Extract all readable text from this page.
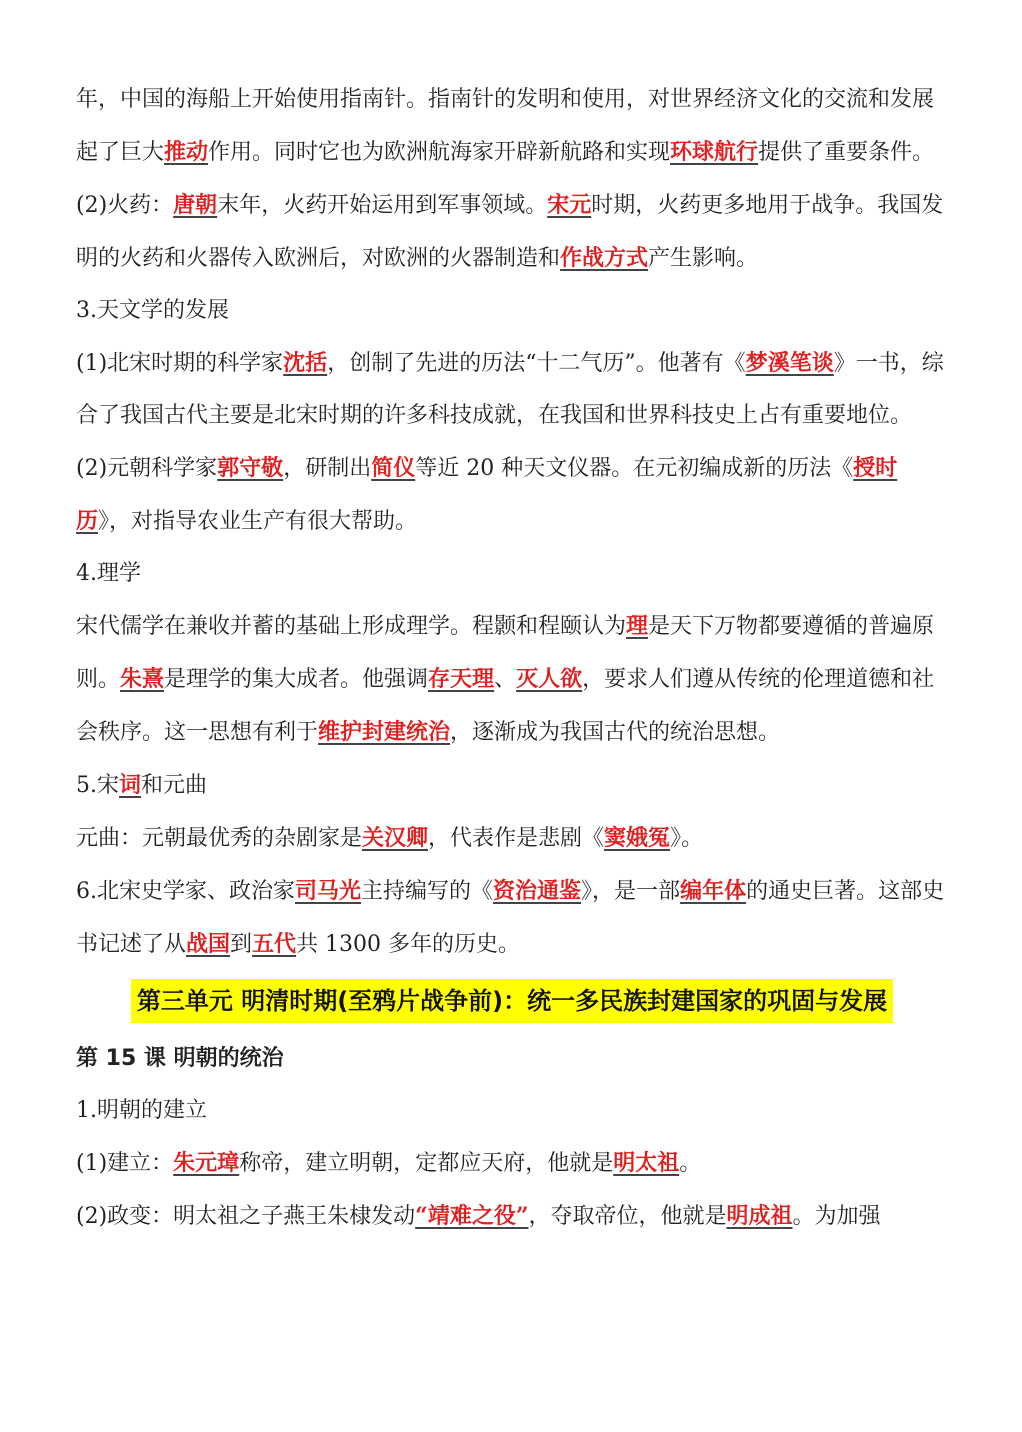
年，中国的海船上开始使用指南针。指南针的发明和使用，对世界经济文化的交流和发展起了巨大推动作用。同时它也为欧洲航海家开辟新航路和实现环球航行提供了重要条件。

(2)火药：唐朝末年，火药开始运用到军事领域。宋元时期，火药更多地用于战争。我国发明的火药和火器传入欧洲后，对欧洲的火器制造和作战方式产生影响。

3.天文学的发展

(1)北宋时期的科学家沈括，创制了先进的历法“十二气历”。他著有《梦溪笔谈》一书，综合了我国古代主要是北宋时期的许多科技成就，在我国和世界科技史上占有重要地位。

(2)元朝科学家郭守敬，研制出简仪等近 20 种天文仪器。在元初编成新的历法《授时历》，对指导农业生产有很大帮助。

4.理学

宋代儒学在兼收并蓄的基础上形成理学。程颢和程颐认为理是天下万物都要遵循的普遍原则。朱熹是理学的集大成者。他强调存天理、灭人欲，要求人们遵从传统的伦理道德和社会秩序。这一思想有利于维护封建统治，逐渐成为我国古代的统治思想。

5.宋词和元曲

元曲：元朝最优秀的杂剧家是关汉卿，代表作是悲剧《窦娥冤》。

6.北宋史学家、政治家司马光主持编写的《资治通鉴》，是一部编年体的通史巨著。这部史书记述了从战国到五代共 1300 多年的历史。

第三单元 明清时期(至鸦片战争前)：统一多民族封建国家的巩固与发展

第 15 课 明朝的统治

1.明朝的建立

(1)建立：朱元璋称帝，建立明朝，定都应天府，他就是明太祖。

(2)政变：明太祖之子燕王朱棣发动“靖难之役”，夺取帝位，他就是明成祖。为加强
